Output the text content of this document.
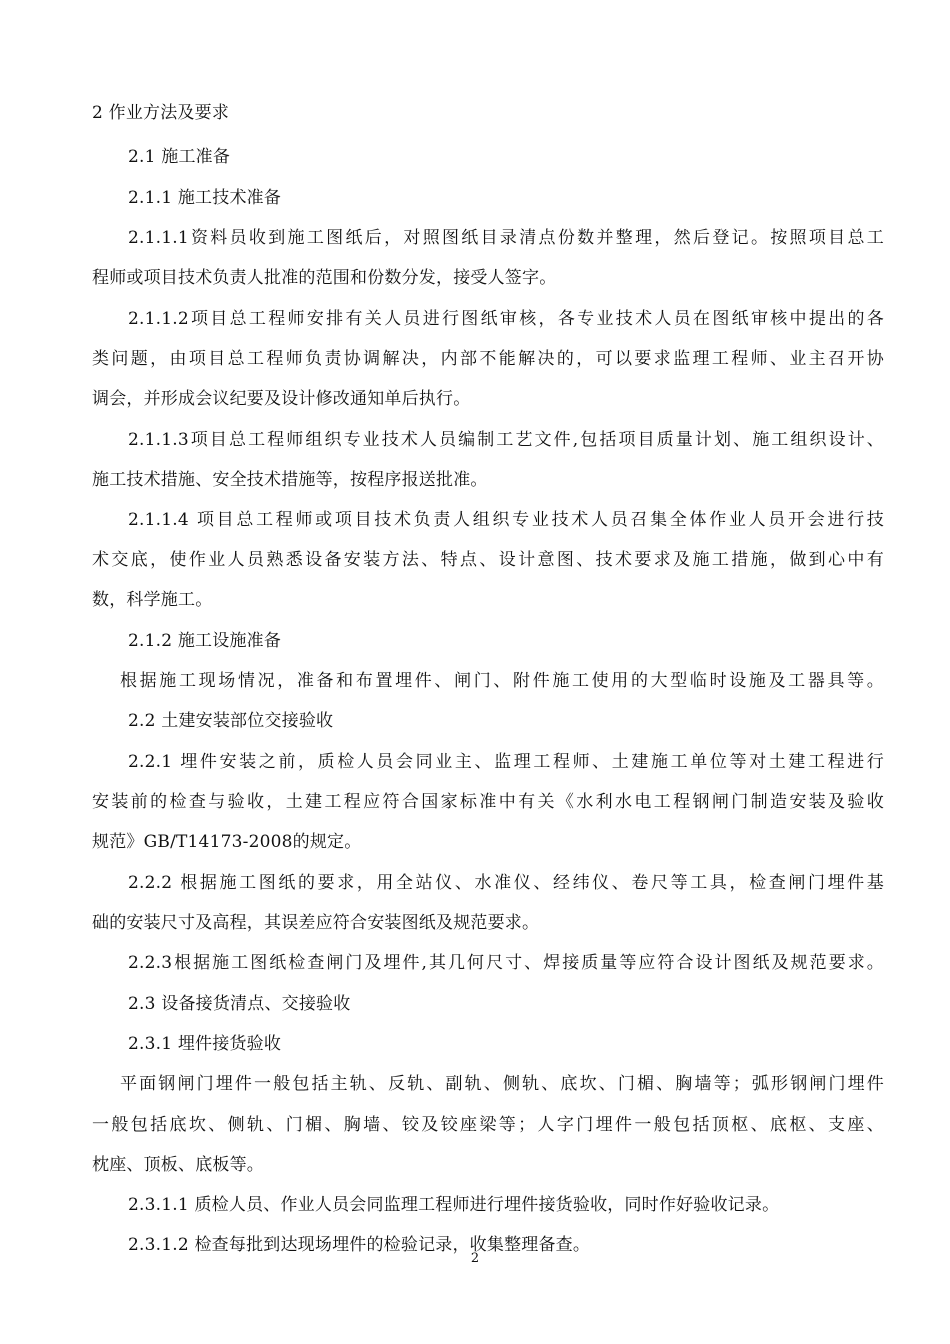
2 作业方法及要求
2.1 施工准备
2.1.1 施工技术准备
2.1.1.1资料员收到施工图纸后，对照图纸目录清点份数并整理，然后登记。按照项目总工
程师或项目技术负责人批准的范围和份数分发，接受人签字。
2.1.1.2项目总工程师安排有关人员进行图纸审核，各专业技术人员在图纸审核中提出的各
类问题，由项目总工程师负责协调解决，内部不能解决的，可以要求监理工程师、业主召开协
调会，并形成会议纪要及设计修改通知单后执行。
2.1.1.3项目总工程师组织专业技术人员编制工艺文件,包括项目质量计划、施工组织设计、
施工技术措施、安全技术措施等，按程序报送批准。
2.1.1.4 项目总工程师或项目技术负责人组织专业技术人员召集全体作业人员开会进行技
术交底，使作业人员熟悉设备安装方法、特点、设计意图、技术要求及施工措施，做到心中有
数，科学施工。
2.1.2 施工设施准备
根据施工现场情况，准备和布置埋件、闸门、附件施工使用的大型临时设施及工器具等。
2.2 土建安装部位交接验收
2.2.1 埋件安装之前，质检人员会同业主、监理工程师、土建施工单位等对土建工程进行
安装前的检查与验收，土建工程应符合国家标准中有关《水利水电工程钢闸门制造安装及验收
规范》GB/T14173-2008的规定。
2.2.2 根据施工图纸的要求，用全站仪、水准仪、经纬仪、卷尺等工具，检查闸门埋件基
础的安装尺寸及高程，其误差应符合安装图纸及规范要求。
2.2.3根据施工图纸检查闸门及埋件,其几何尺寸、焊接质量等应符合设计图纸及规范要求。
2.3 设备接货清点、交接验收
2.3.1 埋件接货验收
平面钢闸门埋件一般包括主轨、反轨、副轨、侧轨、底坎、门楣、胸墙等；弧形钢闸门埋件
一般包括底坎、侧轨、门楣、胸墙、铰及铰座梁等；人字门埋件一般包括顶枢、底枢、支座、
枕座、顶板、底板等。
2.3.1.1 质检人员、作业人员会同监理工程师进行埋件接货验收，同时作好验收记录。
2.3.1.2 检查每批到达现场埋件的检验记录，收集整理备查。
2
